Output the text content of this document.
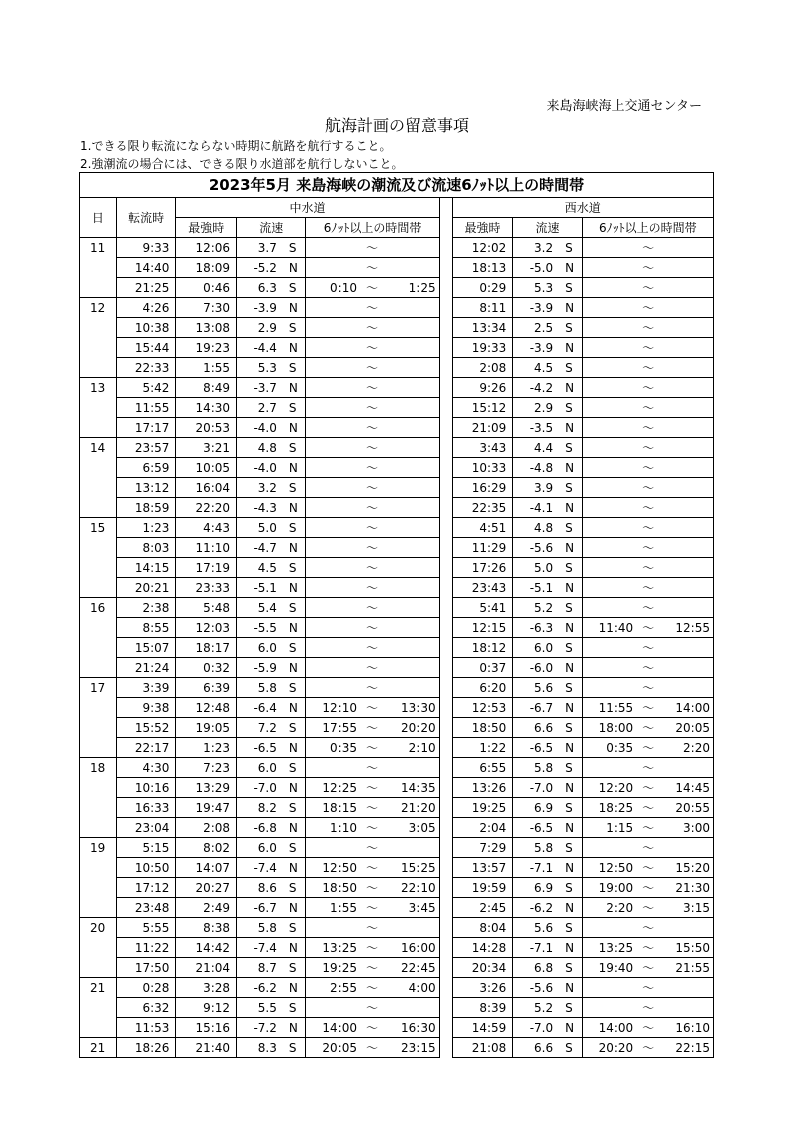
来島海峡海上交通センター
航海計画の留意事項
1.できる限り転流にならない時期に航路を航行すること。
2.強潮流の場合には、できる限り水道部を航行しないこと。
2023年5月 来島海峡の潮流及び流速6ﾉｯﾄ以上の時間帯														
日	転流時	中水道							西水道					
		最強時	流速		6ﾉｯﾄ以上の時間帯				最強時	流速		6ﾉｯﾄ以上の時間帯		
11	9:33	12:06	3.7	S		～			12:02	3.2	S		～	
	14:40	18:09	-5.2	N		～			18:13	-5.0	N		～	
	21:25	0:46	6.3	S	0:10	～	1:25		0:29	5.3	S		～	
12	4:26	7:30	-3.9	N		～			8:11	-3.9	N		～	
	10:38	13:08	2.9	S		～			13:34	2.5	S		～	
	15:44	19:23	-4.4	N		～			19:33	-3.9	N		～	
	22:33	1:55	5.3	S		～			2:08	4.5	S		～	
13	5:42	8:49	-3.7	N		～			9:26	-4.2	N		～	
	11:55	14:30	2.7	S		～			15:12	2.9	S		～	
	17:17	20:53	-4.0	N		～			21:09	-3.5	N		～	
14	23:57	3:21	4.8	S		～			3:43	4.4	S		～	
	6:59	10:05	-4.0	N		～			10:33	-4.8	N		～	
	13:12	16:04	3.2	S		～			16:29	3.9	S		～	
	18:59	22:20	-4.3	N		～			22:35	-4.1	N		～	
15	1:23	4:43	5.0	S		～			4:51	4.8	S		～	
	8:03	11:10	-4.7	N		～			11:29	-5.6	N		～	
	14:15	17:19	4.5	S		～			17:26	5.0	S		～	
	20:21	23:33	-5.1	N		～			23:43	-5.1	N		～	
16	2:38	5:48	5.4	S		～			5:41	5.2	S		～	
	8:55	12:03	-5.5	N		～			12:15	-6.3	N	11:40	～	12:55
	15:07	18:17	6.0	S		～			18:12	6.0	S		～	
	21:24	0:32	-5.9	N		～			0:37	-6.0	N		～	
17	3:39	6:39	5.8	S		～			6:20	5.6	S		～	
	9:38	12:48	-6.4	N	12:10	～	13:30		12:53	-6.7	N	11:55	～	14:00
	15:52	19:05	7.2	S	17:55	～	20:20		18:50	6.6	S	18:00	～	20:05
	22:17	1:23	-6.5	N	0:35	～	2:10		1:22	-6.5	N	0:35	～	2:20
18	4:30	7:23	6.0	S		～			6:55	5.8	S		～	
	10:16	13:29	-7.0	N	12:25	～	14:35		13:26	-7.0	N	12:20	～	14:45
	16:33	19:47	8.2	S	18:15	～	21:20		19:25	6.9	S	18:25	～	20:55
	23:04	2:08	-6.8	N	1:10	～	3:05		2:04	-6.5	N	1:15	～	3:00
19	5:15	8:02	6.0	S		～			7:29	5.8	S		～	
	10:50	14:07	-7.4	N	12:50	～	15:25		13:57	-7.1	N	12:50	～	15:20
	17:12	20:27	8.6	S	18:50	～	22:10		19:59	6.9	S	19:00	～	21:30
	23:48	2:49	-6.7	N	1:55	～	3:45		2:45	-6.2	N	2:20	～	3:15
20	5:55	8:38	5.8	S		～			8:04	5.6	S		～	
	11:22	14:42	-7.4	N	13:25	～	16:00		14:28	-7.1	N	13:25	～	15:50
	17:50	21:04	8.7	S	19:25	～	22:45		20:34	6.8	S	19:40	～	21:55
21	0:28	3:28	-6.2	N	2:55	～	4:00		3:26	-5.6	N		～	
	6:32	9:12	5.5	S		～			8:39	5.2	S		～	
	11:53	15:16	-7.2	N	14:00	～	16:30		14:59	-7.0	N	14:00	～	16:10
21	18:26	21:40	8.3	S	20:05	～	23:15		21:08	6.6	S	20:20	～	22:15
